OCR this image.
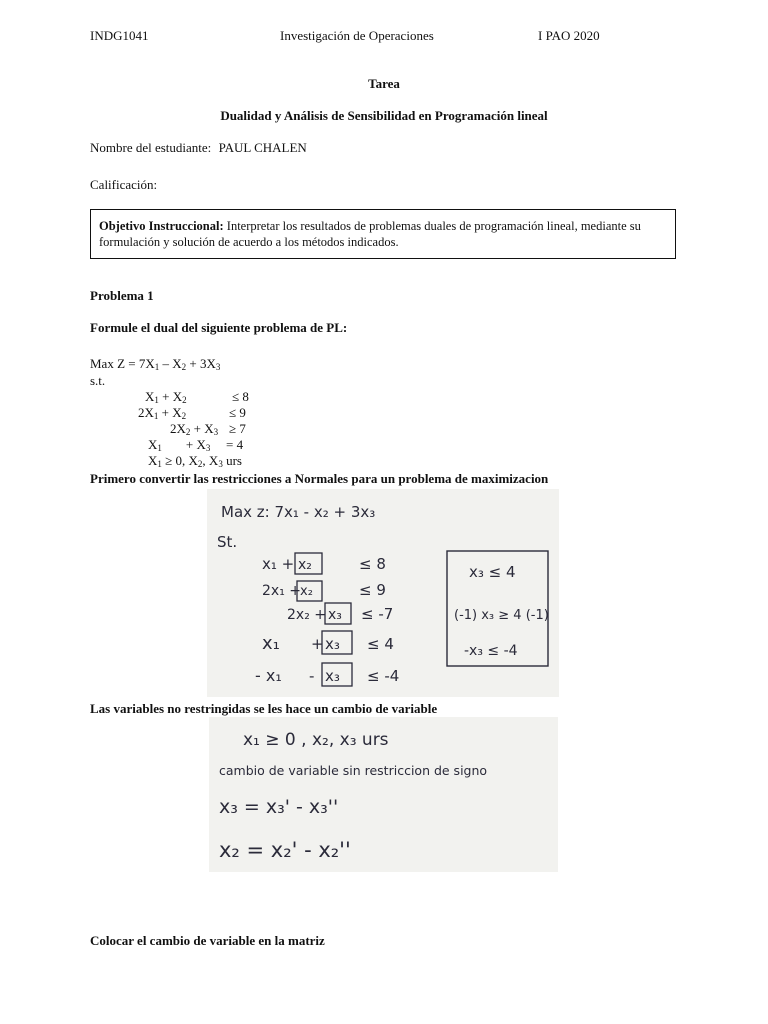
INDG1041	Investigación de Operaciones	I PAO 2020
Tarea
Dualidad y Análisis de Sensibilidad en Programación lineal
Nombre del estudiante: PAUL CHALEN
Calificación:
Objetivo Instruccional: Interpretar los resultados de problemas duales de programación lineal, mediante su formulación y solución de acuerdo a los métodos indicados.
Problema 1
Formule el dual del siguiente problema de PL:
Max $Z = 7X_1 - X_2 + 3X_3$
s.t.
$X_1 + X_2$	≤ 8
$2X_1 + X_2$	≤ 9
$2X_2 + X_3 \ge 7$
$X_1 + X_3 = 4$
$X_1 \ge 0$, $X_2$, $X_3$ urs
Primero convertir las restricciones a Normales para un problema de maximizacion
Max z: 7x₁ - x₂ + 3x₃
St.
x₁ + x₂	≤ 8
2x₁ + x₂	≤ 9
2x₂ + x₃ ≤ -7
x₁ + x₃ ≤ 4
- x₁ - x₃ ≤ -4
x₃ ≤ 4
(-1) x₃ ≥ 4 (-1)
-x₃ ≤ -4
Las variables no restringidas se les hace un cambio de variable
x₁ ≥ 0 , x₂, x₃ urs
cambio de variable sin restriccion de signo
x₃ = x₃' - x₃''
x₂ = x₂' - x₂''
Colocar el cambio de variable en la matriz
